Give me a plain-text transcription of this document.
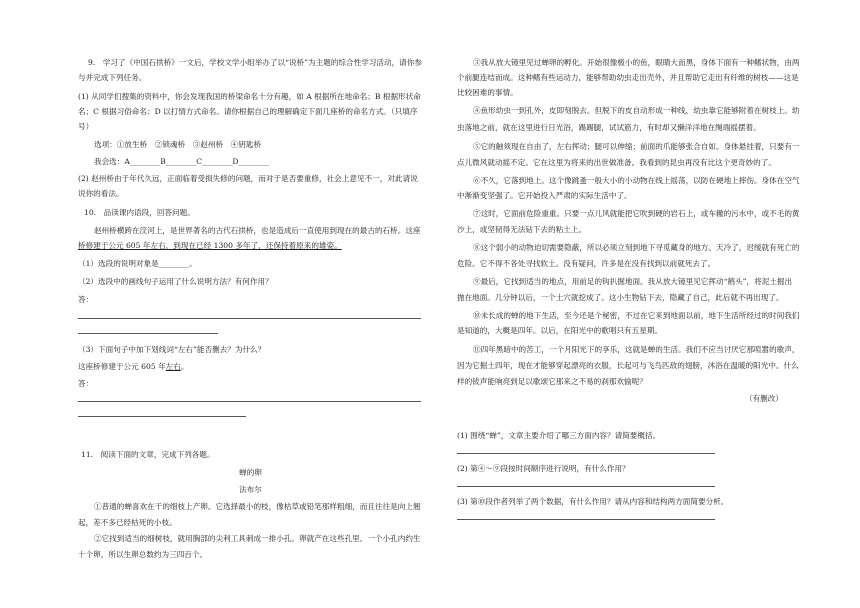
9.　学习了《中国石拱桥》一文后，学校文学小组举办了以“说桥”为主题的综合性学习活动，请你参

与并完成下列任务。

(1) 从同学们搜集的资料中，你会发现我国的桥梁命名十分有趣，如 A 根据所在地命名；B 根据形状命

名；C 根据习俗命名；D 以打情方式命名。请你根据自己的理解确定下面几座桥的命名方式。（只填序

号）

选项：①放生桥　②锁魂桥　③赵州桥　④钥匙桥

我会选：A________B________C________D________

(2) 赵州桥由于年代久远，正面临着受损失修的问题，而对于是否要重修，社会上意见不一，对此请说

说你的看法。

10.　品读课内语段，回答问题。

赵州桥横跨在洨河上，是世界著名的古代石拱桥，也是造成后一直使用到现在的最古的石桥。这座

桥修建于公元 605 年左右，到现在已经 1300 多年了，还保持着原来的雄姿。

（1）选段的说明对象是________。

（2）选段中的画线句子运用了什么说明方法？有何作用？

答：

（3）下面句子中加下划线词“左右”能否删去？为什么？

这座桥修建于公元 605 年左右。

答：

11.　阅读下面的文章，完成下列各题。

蝉的卵

法布尔

①普通的蝉喜欢在干的细枝上产卵。它选择最小的枝，像枯草或铅笔那样粗细，而且往往是向上翘

起，差不多已经枯死的小枝。

②它找到适当的细树枝，就用胸部的尖利工具刺成一排小孔。卵就产在这些孔里。一个小孔内约生

十个卵，所以生卵总数约为三四百个。

③我从放大镜里见过蝉卵的孵化。开始很像极小的鱼，眼睛大而黑，身体下面有一种鳍状物，由两

个前腿连结而成。这种鳍有些运动力，能够帮助幼虫走出壳外，并且帮助它走出有纤维的树枝——这是

比较困难的事情。

④鱼形幼虫一到孔外，皮即刻脱去。但脱下的皮自动形成一种线，幼虫靠它能够附着在树枝上。幼

虫落地之前，就在这里进行日光浴，踢踢腿，试试筋力，有时却又懒洋洋地在绳端摇摆着。

⑤它的触须现在自由了，左右挥动；腿可以伸缩；前面的爪能够张合自如。身体悬挂着，只要有一

点儿微风就动摇不定。它在这里为将来的出世做准备。我看到的昆虫再没有比这个更奇妙的了。

⑥不久，它落到地上。这个像跳蚤一般大小的小动物在线上摇荡，以防在硬地上摔伤。身体在空气

中渐渐变坚强了。它开始投入严肃的实际生活中了。

⑦这时，它面前危险重重。只要一点儿风就能把它吹到硬的岩石上，或车辙的污水中，或不毛的黄

沙上，或坚韧得无法钻下去的粘土上。

⑧这个弱小的动物迫切需要隐蔽，所以必须立刻到地下寻觅藏身的地方。天冷了，迟缓就有死亡的

危险。它不得不各处寻找软土。没有疑问，许多是在没有找到以前就死去了。

⑨最后，它找到适当的地点，用前足的钩扒掘地面。我从放大镜里见它挥动“鹤头”，将泥土掘出

抛在地面。几分钟以后，一个土穴就挖成了。这小生物钻下去，隐藏了自己，此后就不再出现了。

⑩未长成的蝉的地下生活，至今还是个秘密，不过在它来到地面以前，地下生活所经过的时间我们

是知道的，大概是四年。以后，在阳光中的歌唱只有五星期。

⑪四年黑暗中的苦工，一个月阳光下的享乐，这就是蝉的生活。我们不应当讨厌它那喧嚣的歌声，

因为它掘土四年，现在才能够穿起漂亮的衣服，长起可与飞鸟匹敌的翅膀，沐浴在温暖的阳光中。什么

样的钹声能响亮到足以歌颂它那来之不易的刹那欢愉呢？

（有删改）

(1) 围绕“蝉”，文章主要介绍了哪三方面内容？请简要概括。

(2) 第④～⑨段按时间顺序进行说明，有什么作用？

(3) 第⑩段作者列举了两个数据，有什么作用？请从内容和结构两方面简要分析。
